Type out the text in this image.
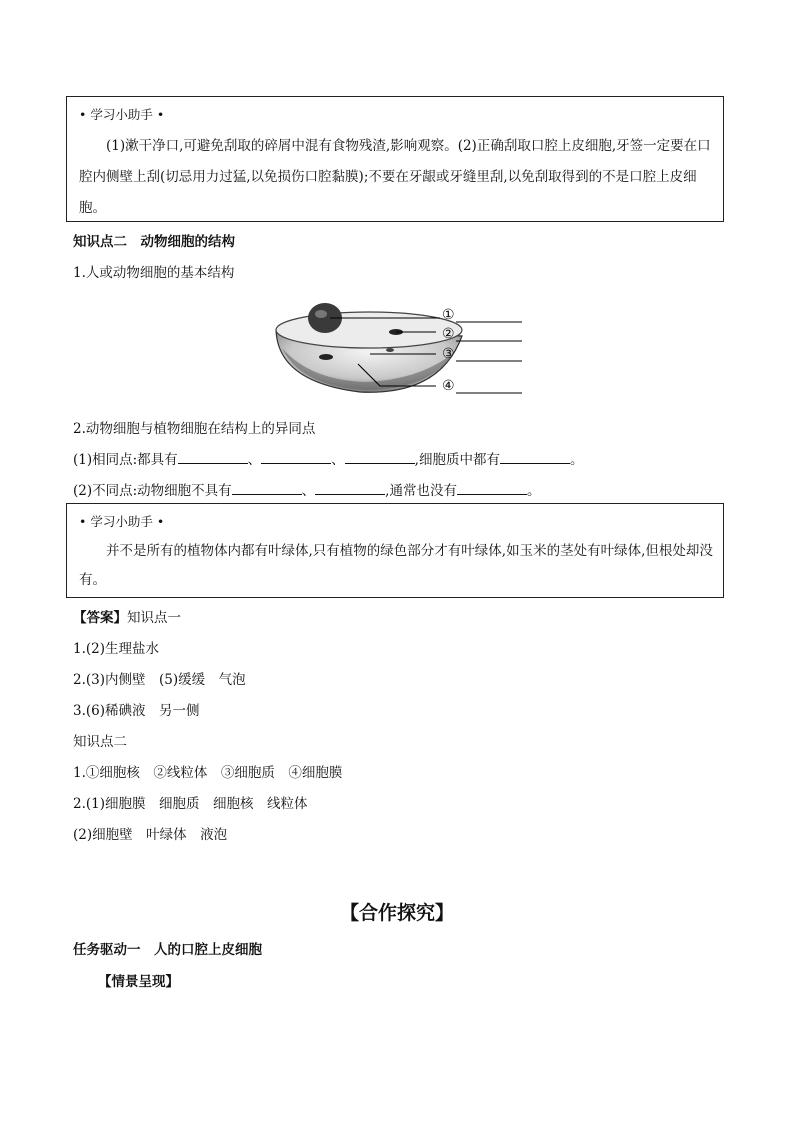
• 学习小助手 •
(1)漱干净口,可避免刮取的碎屑中混有食物残渣,影响观察。(2)正确刮取口腔上皮细胞,牙签一定要在口腔内侧壁上刮(切忌用力过猛,以免损伤口腔黏膜);不要在牙龈或牙缝里刮,以免刮取得到的不是口腔上皮细胞。
知识点二　动物细胞的结构
1.人或动物细胞的基本结构
①
②
③
④
2.动物细胞与植物细胞在结构上的异同点
(1)相同点:都具有	、	、	,细胞质中都有	。
(2)不同点:动物细胞不具有	、	,通常也没有	。
• 学习小助手 •
并不是所有的植物体内都有叶绿体,只有植物的绿色部分才有叶绿体,如玉米的茎处有叶绿体,但根处却没有。
【答案】知识点一
1.(2)生理盐水
2.(3)内侧壁　(5)缓缓　气泡
3.(6)稀碘液　另一侧
知识点二
1.①细胞核　②线粒体　③细胞质　④细胞膜
2.(1)细胞膜　细胞质　细胞核　线粒体
(2)细胞壁　叶绿体　液泡
【合作探究】
任务驱动一　人的口腔上皮细胞
【情景呈现】
